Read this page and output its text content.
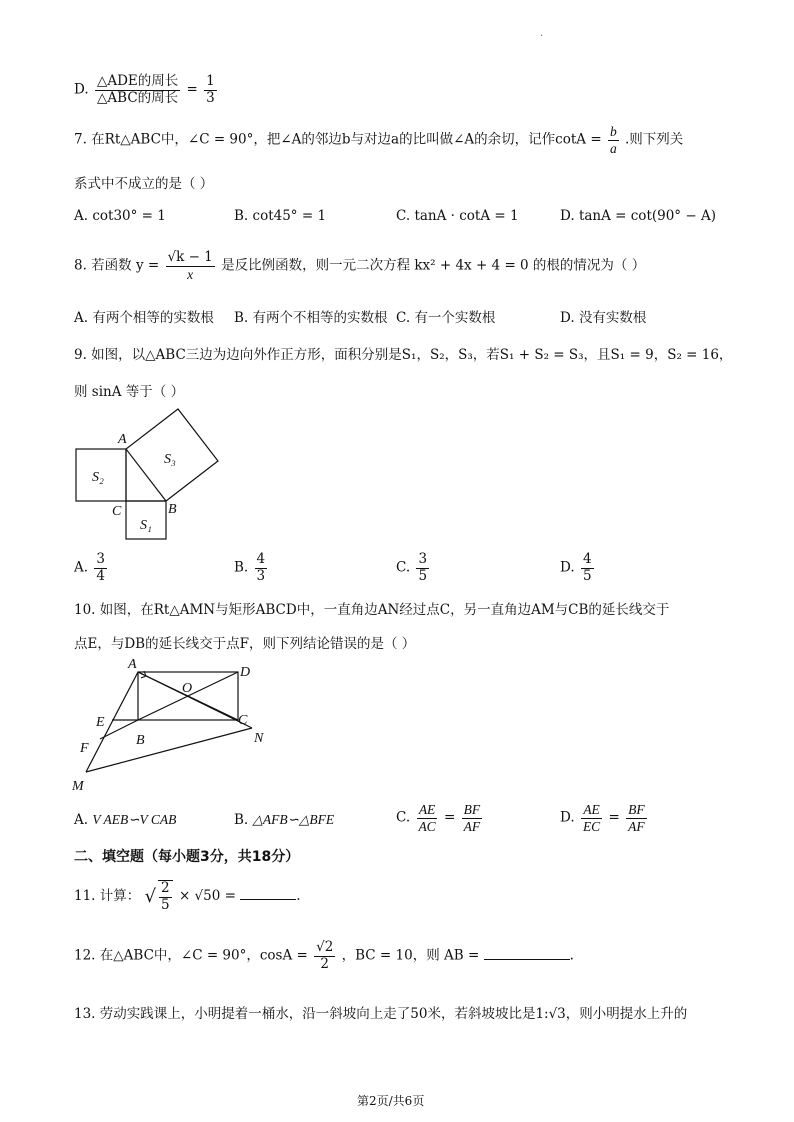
.
D. $\frac{\text{△ADE的周长}}{\text{△ABC的周长}} = \frac{1}{3}$
7. 在Rt△ABC中，∠C = 90°，把∠A的邻边b与对边a的比叫做∠A的余切，记作$\cot A = \frac{b}{a}$ .则下列关
系式中不成立的是（ ）
A. cot30° = 1	B. cot45° = 1	C. tanA · cotA = 1	D. tanA = cot(90° − A)
8. 若函数 $y = \frac{√k - 1}{x}$ 是反比例函数，则一元二次方程 kx² + 4x + 4 = 0 的根的情况为（ ）
A. 有两个相等的实数根 B. 有两个不相等的实数根 C. 有一个实数根	D. 没有实数根
9. 如图，以△ABC三边为边向外作正方形，面积分别是S₁，S₂，S₃，若S₁ + S₂ = S₃，且S₁ = 9，S₂ = 16，
则 sinA 等于（ ）
A
B
C
S₁
S₂
S₃
A. $\frac{3}{4}$	B. $\frac{4}{3}$	C. $\frac{3}{5}$	D. $\frac{4}{5}$
10. 如图，在Rt△AMN与矩形ABCD中，一直角边AN经过点C，另一直角边AM与CB的延长线交于
点E，与DB的延长线交于点F，则下列结论错误的是（ ）
A
D
O
E	C
B	N
F
M
A. V AEB∽V CAB	B. △AFB∽△BFE	C. $\frac{AE}{AC} = \frac{BF}{AF}$	D. $\frac{AE}{EC} = \frac{BF}{AF}$
二、填空题（每小题3分，共18分）
11. 计算： √ $\frac{2}{5} \times √50$ =	.
12. 在△ABC中，∠C = 90°，$\cos A = \frac{√2}{2}$ ，BC = 10，则 AB =	.
13. 劳动实践课上，小明提着一桶水，沿一斜坡向上走了50米，若斜坡坡比是1:√3，则小明提水上升的
第2页/共6页
